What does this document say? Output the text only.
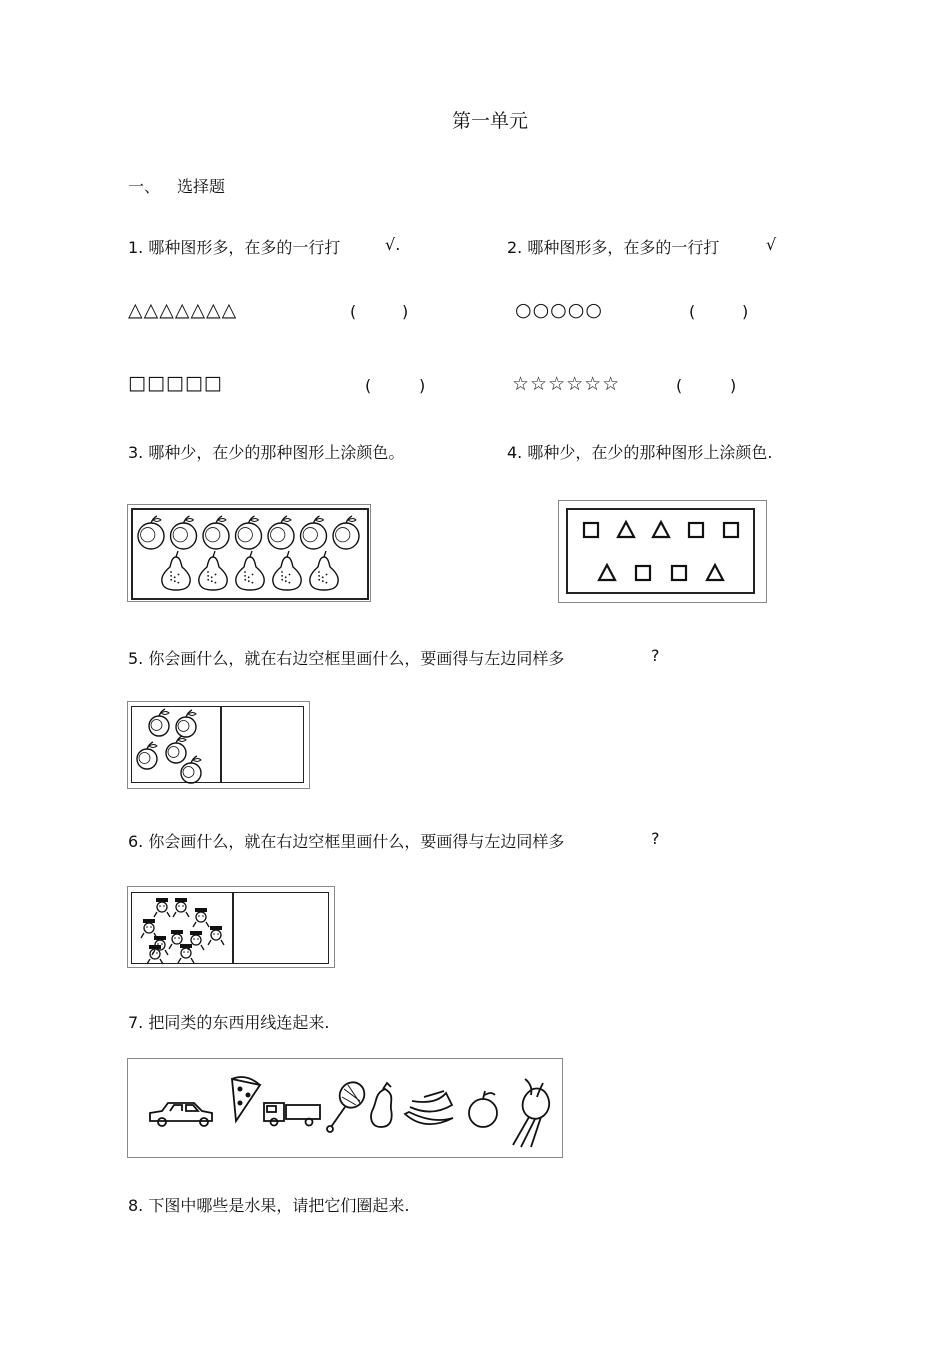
第一单元
一、 选择题
1. 哪种图形多，在多的一行打	√.
△△△△△△△	(	)
□□□□□	(	)
2. 哪种图形多，在多的一行打	√
○○○○○	(	)
☆☆☆☆☆☆	(	)
3. 哪种少，在少的那种图形上涂颜色。	4. 哪种少，在少的那种图形上涂颜色.
5. 你会画什么，就在右边空框里画什么，要画得与左边同样多	?
6. 你会画什么，就在右边空框里画什么，要画得与左边同样多	?
7. 把同类的东西用线连起来.
8. 下图中哪些是水果，请把它们圈起来.
